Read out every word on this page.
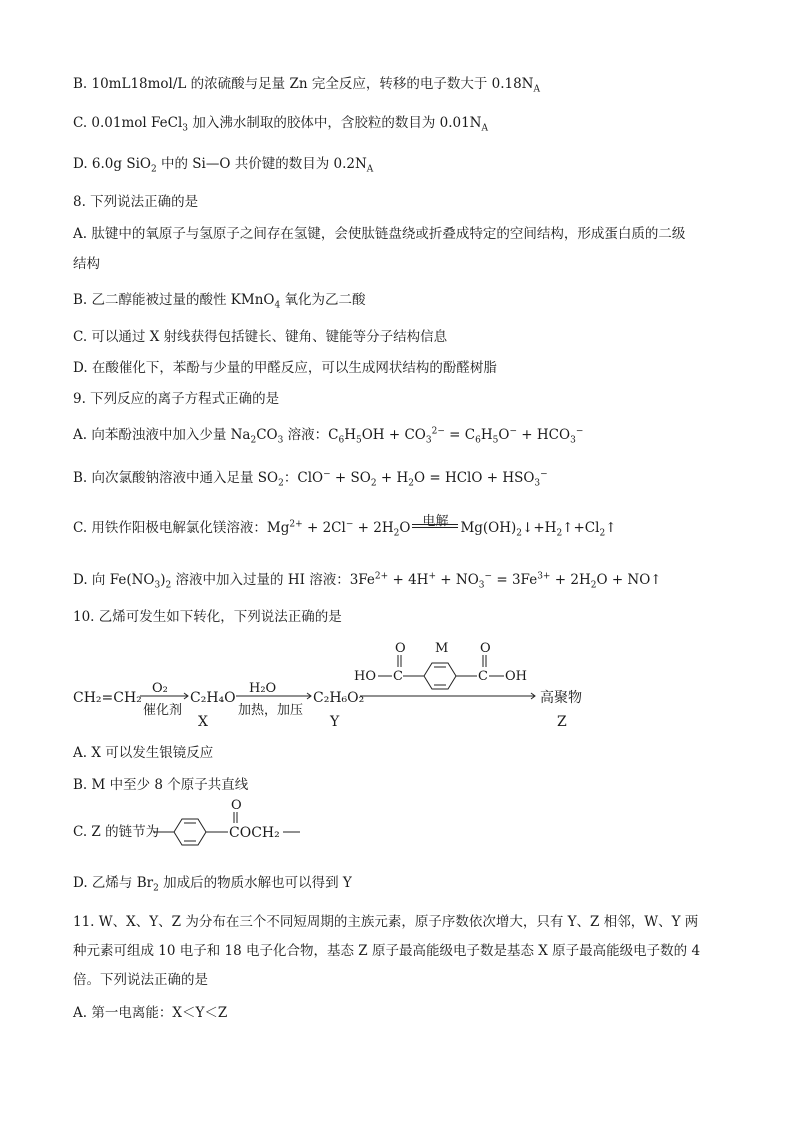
B. 10mL18mol/L 的浓硫酸与足量 Zn 完全反应，转移的电子数大于 $0.18N_A$
C. 0.01mol FeCl$_3$ 加入沸水制取的胶体中，含胶粒的数目为 $0.01N_A$
D. 6.0g SiO$_2$ 中的 Si—O 共价键的数目为 $0.2N_A$
8. 下列说法正确的是
A. 肽键中的氧原子与氢原子之间存在氢键，会使肽链盘绕或折叠成特定的空间结构，形成蛋白质的二级
结构
B. 乙二醇能被过量的酸性 KMnO$_4$ 氧化为乙二酸
C. 可以通过 X 射线获得包括键长、键角、键能等分子结构信息
D. 在酸催化下，苯酚与少量的甲醛反应，可以生成网状结构的酚醛树脂
9. 下列反应的离子方程式正确的是
A. 向苯酚浊液中加入少量 $Na_2CO_3$ 溶液：$C_6H_5OH + CO_3^{2-} = C_6H_5O^- + HCO_3^-$
B. 向次氯酸钠溶液中通入足量 $SO_2$：$ClO^- + SO_2 + H_2O$ = HClO + $HSO_3^-$
C. 用铁作阳极电解氯化镁溶液：$Mg^{2+} + 2Cl^- + 2H_2O$ 电解 $Mg(OH)_2↓+H_2↑+Cl_2↑$
D. 向 $Fe(NO_3)_2$ 溶液中加入过量的 HI 溶液：$3Fe^{2+} + 4H^+ + NO_3^- = 3Fe^{3+} + 2H_2O$ + NO↑
10. 乙烯可发生如下转化，下列说法正确的是
CH₂=CH₂
O₂
催化剂
C₂H₄O
X
H₂O
加热，加压
C₂H₆O₂
Y
HO C
O M
C
O
OH
高聚物
Z
A. X 可以发生银镜反应
B. M 中至少 8 个原子共直线
C. Z 的链节为
O
COCH₂
D. 乙烯与 $Br_2$ 加成后的物质水解也可以得到 Y
11. W、X、Y、Z 为分布在三个不同短周期的主族元素，原子序数依次增大，只有 Y、Z 相邻，W、Y 两
种元素可组成 10 电子和 18 电子化合物，基态 Z 原子最高能级电子数是基态 X 原子最高能级电子数的 4
倍。下列说法正确的是
A. 第一电离能：X＜Y＜Z
